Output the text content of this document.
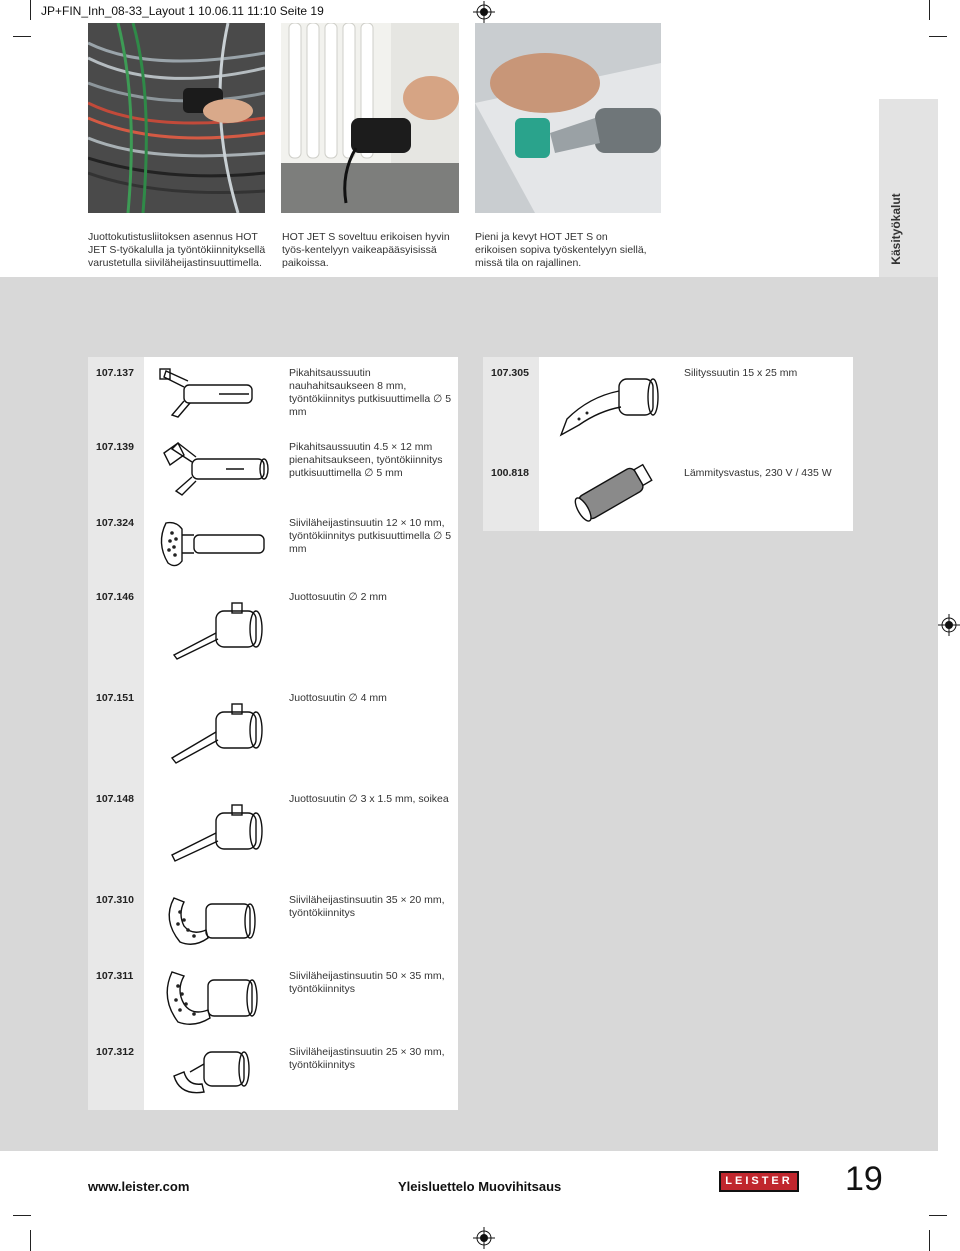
JP+FIN_Inh_08-33_Layout 1 10.06.11 11:10 Seite 19
Juottokutistusliitoksen asennus HOT JET S-työkalulla ja työntökiinnityksellä varustetulla siiviläheijastinsuuttimella.
HOT JET S soveltuu erikoisen hyvin työs-kentelyyn vaikeapääsyisissä paikoissa.
Pieni ja kevyt HOT JET S on erikoisen sopiva työskentelyyn siellä, missä tila on rajallinen.	Käsityökalut
107.137	Pikahitsaussuutin nauhahitsaukseen 8 mm, työntökiinnitys putkisuuttimella ∅ 5 mm
107.139	Pikahitsaussuutin 4.5 × 12 mm pienahitsaukseen, työntökiinnitys putkisuuttimella ∅ 5 mm
107.324	Siiviläheijastinsuutin 12 × 10 mm, työntökiinnitys putkisuuttimella ∅ 5 mm
107.146	Juottosuutin ∅ 2 mm
107.151	Juottosuutin ∅ 4 mm
107.148	Juottosuutin ∅ 3 x 1.5 mm, soikea
107.310	Siiviläheijastinsuutin 35 × 20 mm, työntökiinnitys
107.311	Siiviläheijastinsuutin 50 × 35 mm, työntökiinnitys
107.312	Siiviläheijastinsuutin 25 × 30 mm, työntökiinnitys
107.305	Silityssuutin 15 x 25 mm
100.818	Lämmitysvastus, 230 V / 435 W
www.leister.com	Yleisluettelo Muovihitsaus	LEISTER 19
